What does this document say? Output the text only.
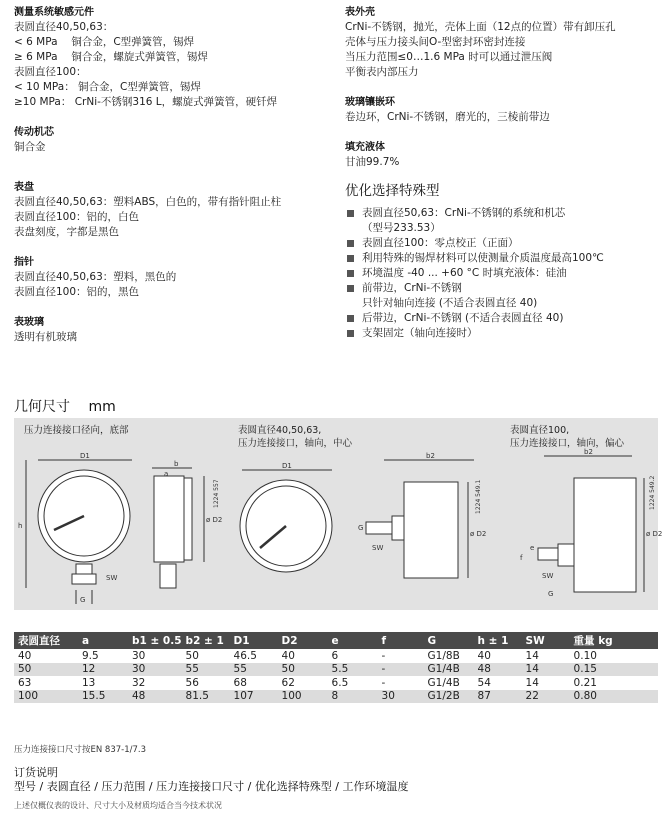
测量系统敏感元件
表圆直径40,50,63：
< 6 MPa　 铜合金，C型弹簧管，锡焊
≥ 6 MPa　 铜合金，螺旋式弹簧管，锡焊
表圆直径100：
< 10 MPa： 铜合金，C型弹簧管，锡焊
≥10 MPa： CrNi-不锈钢316 L，螺旋式弹簧管，硬钎焊
传动机芯
铜合金
表盘
表圆直径40,50,63：塑料ABS，白色的，带有指针阻止柱
表圆直径100：铝的，白色
表盘刻度，字都是黑色
指针
表圆直径40,50,63：塑料，黑色的
表圆直径100：铝的，黑色
表玻璃
透明有机玻璃
表外壳
CrNi-不锈钢，抛光，壳体上面（12点的位置）带有卸压孔
壳体与压力接头间O-型密封环密封连接
当压力范围≤0…1.6 MPa 时可以通过泄压阀
平衡表内部压力
玻璃镶嵌环
卷边环，CrNi-不锈钢，磨光的，三棱前带边
填充液体
甘油99.7%
优化选择特殊型
表圆直径50,63：CrNi-不锈钢的系统和机芯
（型号233.53）
表圆直径100：零点校正（正面）
利用特殊的锡焊材料可以使测量介质温度最高100℃
环境温度 -40 ... +60 °C 时填充液体：硅油
前带边，CrNi-不锈钢
只针对轴向连接 (不适合表圆直径 40)
后带边，CrNi-不锈钢 (不适合表圆直径 40)
支架固定（轴向连接时）
几何尺寸　 mm
压力连接接口径向，底部	表圆直径40,50,63,
压力连接接口，轴向，中心
表圆直径100,
压力连接接口，轴向，偏心
D1
h
G
SW
b
a
ø D2
D1
b2
ø D2
SW
G
b2
ø D2
e
f
SW
G
1224 557	1224 549.1	1224 549.2
表圆直径	a	b1 ± 0.5	b2 ± 1	D1	D2	e	f	G	h ± 1	SW	重量 kg
40	9.5	30	50	46.5	40	6	-	G1/8B	40	14	0.10
50	12	30	55	55	50	5.5	-	G1/4B	48	14	0.15
63	13	32	56	68	62	6.5	-	G1/4B	54	14	0.21
100	15.5	48	81.5	107	100	8	30	G1/2B	87	22	0.80
压力连接接口尺寸按EN 837-1/7.3
订货说明
型号 / 表圆直径 / 压力范围 / 压力连接接口尺寸 / 优化选择特殊型 / 工作环境温度
上述仅概仪表的设计、尺寸大小及材质均适合当今技术状况
